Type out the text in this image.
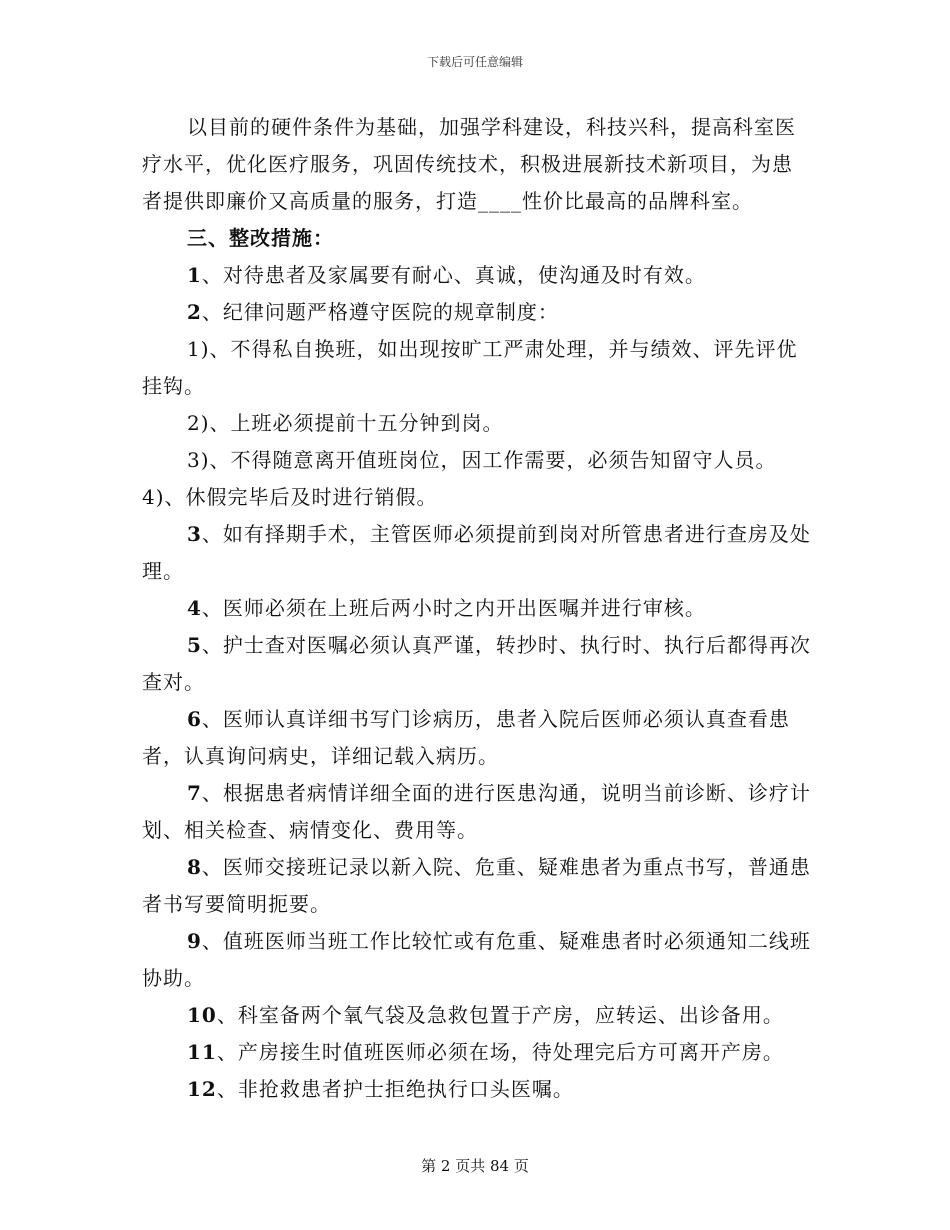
下载后可任意编辑

以目前的硬件条件为基础，加强学科建设，科技兴科，提高科室医疗水平，优化医疗服务，巩固传统技术，积极进展新技术新项目，为患者提供即廉价又高质量的服务，打造____性价比最高的品牌科室。

三、整改措施：

1、对待患者及家属要有耐心、真诚，使沟通及时有效。

2、纪律问题严格遵守医院的规章制度：

1)、不得私自换班，如出现按旷工严肃处理，并与绩效、评先评优挂钩。

2)、上班必须提前十五分钟到岗。

3)、不得随意离开值班岗位，因工作需要，必须告知留守人员。

4)、休假完毕后及时进行销假。

3、如有择期手术，主管医师必须提前到岗对所管患者进行查房及处理。

4、医师必须在上班后两小时之内开出医嘱并进行审核。

5、护士查对医嘱必须认真严谨，转抄时、执行时、执行后都得再次查对。

6、医师认真详细书写门诊病历，患者入院后医师必须认真查看患者，认真询问病史，详细记载入病历。

7、根据患者病情详细全面的进行医患沟通，说明当前诊断、诊疗计划、相关检查、病情变化、费用等。

8、医师交接班记录以新入院、危重、疑难患者为重点书写，普通患者书写要简明扼要。

9、值班医师当班工作比较忙或有危重、疑难患者时必须通知二线班协助。

10、科室备两个氧气袋及急救包置于产房，应转运、出诊备用。

11、产房接生时值班医师必须在场，待处理完后方可离开产房。

12、非抢救患者护士拒绝执行口头医嘱。

第 2 页共 84 页
